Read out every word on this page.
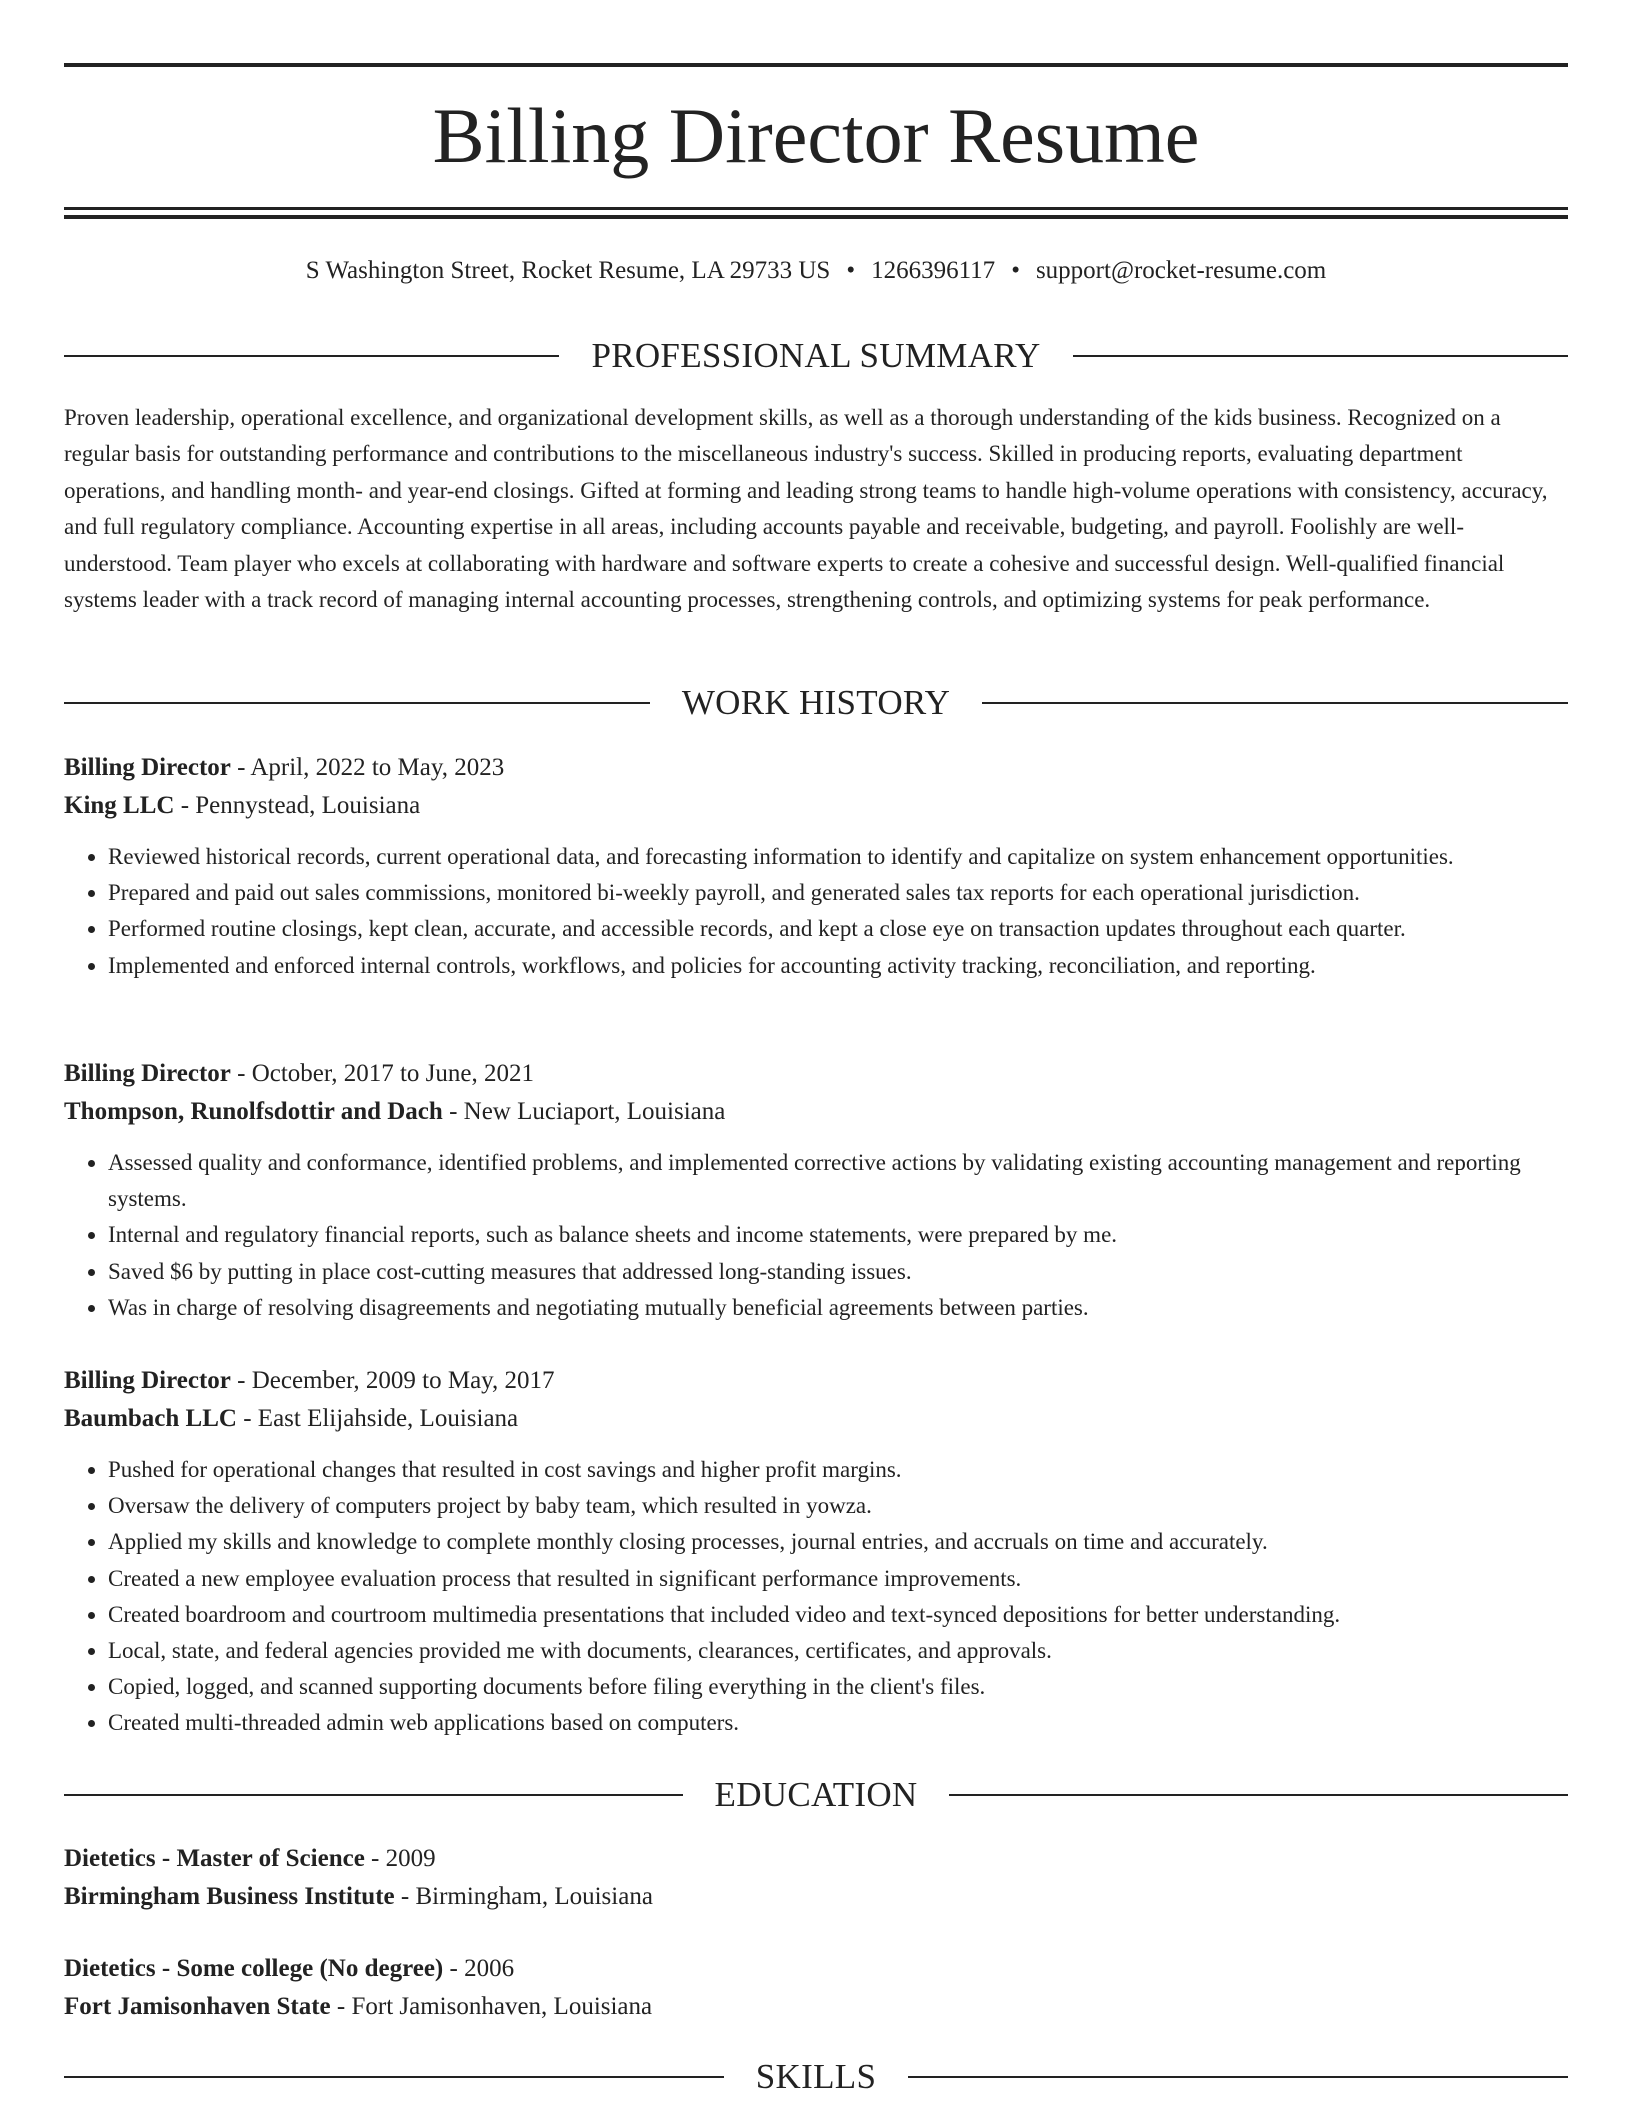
Billing Director Resume
S Washington Street, Rocket Resume, LA 29733 US • 1266396117 • support@rocket-resume.com
PROFESSIONAL SUMMARY
Proven leadership, operational excellence, and organizational development skills, as well as a thorough understanding of the kids business. Recognized on a regular basis for outstanding performance and contributions to the miscellaneous industry's success. Skilled in producing reports, evaluating department operations, and handling month- and year-end closings. Gifted at forming and leading strong teams to handle high-volume operations with consistency, accuracy, and full regulatory compliance. Accounting expertise in all areas, including accounts payable and receivable, budgeting, and payroll. Foolishly are well-understood. Team player who excels at collaborating with hardware and software experts to create a cohesive and successful design. Well-qualified financial systems leader with a track record of managing internal accounting processes, strengthening controls, and optimizing systems for peak performance.
WORK HISTORY
Billing Director - April, 2022 to May, 2023
King LLC - Pennystead, Louisiana
• Reviewed historical records, current operational data, and forecasting information to identify and capitalize on system enhancement opportunities.
• Prepared and paid out sales commissions, monitored bi-weekly payroll, and generated sales tax reports for each operational jurisdiction.
• Performed routine closings, kept clean, accurate, and accessible records, and kept a close eye on transaction updates throughout each quarter.
• Implemented and enforced internal controls, workflows, and policies for accounting activity tracking, reconciliation, and reporting.
Billing Director - October, 2017 to June, 2021
Thompson, Runolfsdottir and Dach - New Luciaport, Louisiana
• Assessed quality and conformance, identified problems, and implemented corrective actions by validating existing accounting management and reporting systems.
• Internal and regulatory financial reports, such as balance sheets and income statements, were prepared by me.
• Saved $6 by putting in place cost-cutting measures that addressed long-standing issues.
• Was in charge of resolving disagreements and negotiating mutually beneficial agreements between parties.
Billing Director - December, 2009 to May, 2017
Baumbach LLC - East Elijahside, Louisiana
• Pushed for operational changes that resulted in cost savings and higher profit margins.
• Oversaw the delivery of computers project by baby team, which resulted in yowza.
• Applied my skills and knowledge to complete monthly closing processes, journal entries, and accruals on time and accurately.
• Created a new employee evaluation process that resulted in significant performance improvements.
• Created boardroom and courtroom multimedia presentations that included video and text-synced depositions for better understanding.
• Local, state, and federal agencies provided me with documents, clearances, certificates, and approvals.
• Copied, logged, and scanned supporting documents before filing everything in the client's files.
• Created multi-threaded admin web applications based on computers.
EDUCATION
Dietetics - Master of Science - 2009
Birmingham Business Institute - Birmingham, Louisiana
Dietetics - Some college (No degree) - 2006
Fort Jamisonhaven State - Fort Jamisonhaven, Louisiana
SKILLS
